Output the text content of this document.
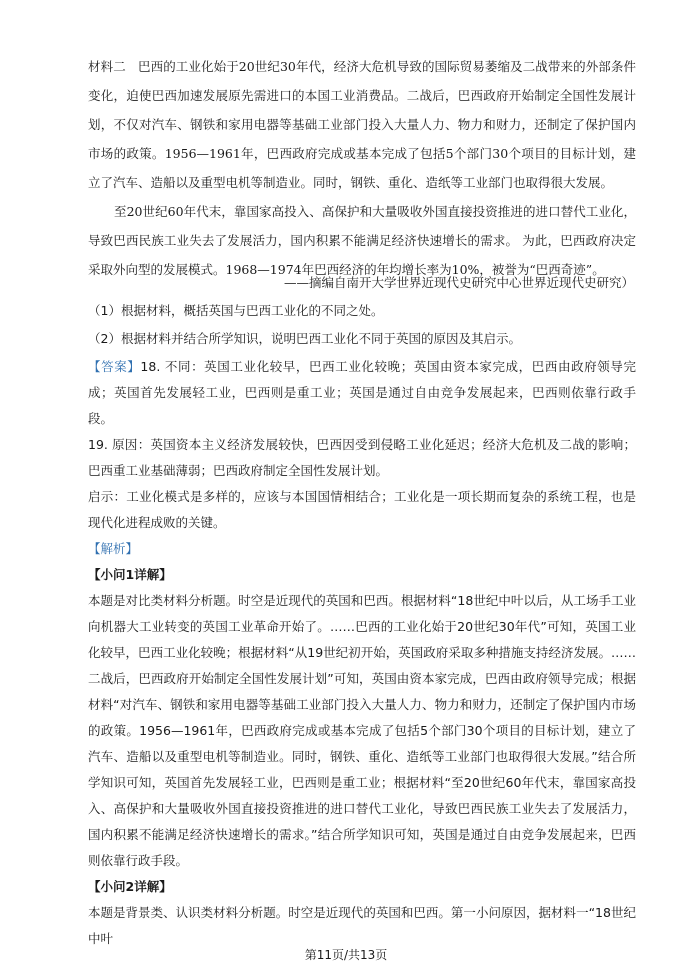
材料二 巴西的工业化始于20世纪30年代，经济大危机导致的国际贸易萎缩及二战带来的外部条件变化，迫使巴西加速发展原先需进口的本国工业消费品。二战后，巴西政府开始制定全国性发展计划，不仅对汽车、钢铁和家用电器等基础工业部门投入大量人力、物力和财力，还制定了保护国内市场的政策。1956—1961年，巴西政府完成或基本完成了包括5个部门30个项目的目标计划，建立了汽车、造船以及重型电机等制造业。同时，钢铁、重化、造纸等工业部门也取得很大发展。

至20世纪60年代末，靠国家高投入、高保护和大量吸收外国直接投资推进的进口替代工业化，导致巴西民族工业失去了发展活力，国内积累不能满足经济快速增长的需求。 为此，巴西政府决定采取外向型的发展模式。1968—1974年巴西经济的年均增长率为10%，被誉为“巴西奇迹”。

——摘编自南开大学世界近现代史研究中心世界近现代史研究）

（1）根据材料，概括英国与巴西工业化的不同之处。

（2）根据材料并结合所学知识，说明巴西工业化不同于英国的原因及其启示。

【答案】18. 不同：英国工业化较早，巴西工业化较晚；英国由资本家完成，巴西由政府领导完成；英国首先发展轻工业，巴西则是重工业；英国是通过自由竞争发展起来，巴西则依靠行政手段。

19. 原因：英国资本主义经济发展较快，巴西因受到侵略工业化延迟；经济大危机及二战的影响；巴西重工业基础薄弱；巴西政府制定全国性发展计划。

启示：工业化模式是多样的，应该与本国国情相结合；工业化是一项长期而复杂的系统工程，也是现代化进程成败的关键。

【解析】

【小问1详解】

本题是对比类材料分析题。时空是近现代的英国和巴西。根据材料“18世纪中叶以后，从工场手工业向机器大工业转变的英国工业革命开始了。……巴西的工业化始于20世纪30年代”可知，英国工业化较早，巴西工业化较晚；根据材料“从19世纪初开始，英国政府采取多种措施支持经济发展。……二战后，巴西政府开始制定全国性发展计划”可知，英国由资本家完成，巴西由政府领导完成；根据材料“对汽车、钢铁和家用电器等基础工业部门投入大量人力、物力和财力，还制定了保护国内市场的政策。1956—1961年，巴西政府完成或基本完成了包括5个部门30个项目的目标计划，建立了汽车、造船以及重型电机等制造业。同时，钢铁、重化、造纸等工业部门也取得很大发展。”结合所学知识可知，英国首先发展轻工业，巴西则是重工业；根据材料“至20世纪60年代末，靠国家高投入、高保护和大量吸收外国直接投资推进的进口替代工业化，导致巴西民族工业失去了发展活力，国内积累不能满足经济快速增长的需求。”结合所学知识可知，英国是通过自由竞争发展起来，巴西则依靠行政手段。

【小问2详解】

本题是背景类、认识类材料分析题。时空是近现代的英国和巴西。第一小问原因，据材料一“18世纪中叶

第11页/共13页
